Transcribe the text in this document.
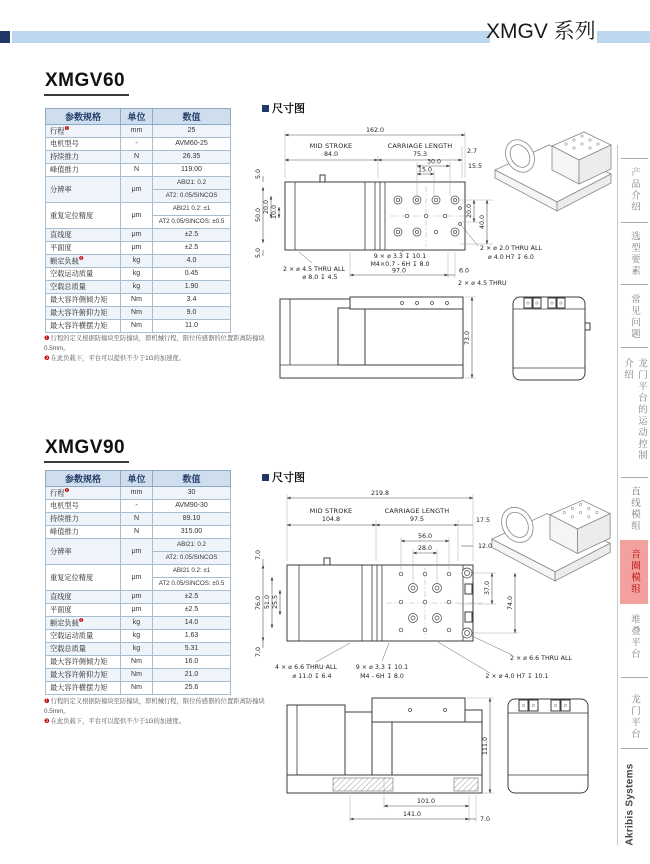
XMGV 系列
XMGV60
参数规格	单位	数值
行程$^❶$	mm	25
电机型号	-	AVM60-25
持续推力	N	26.35
峰值推力	N	119.00
分辨率	μm	ABI21: 0.2
		AT2: 0.05/SINCOS
重复定位精度	μm	ABI21 0.2: ±1
		AT2 0.05/SINCOS: ±0.5
直线度	μm	±2.5
平面度	μm	±2.5
额定负载$^❷$	kg	4.0
空载运动质量	kg	0.45
空载总质量	kg	1.90
最大容许侧倾力矩	Nm	3.4
最大容许俯仰力矩	Nm	9.0
最大容许横摆力矩	Nm	11.0
❶行程的定义根据防撞块至防撞块，即机械行程，限位传感器的位置距离防撞块0.5mm。
❷在此负载下，平台可以提供不少于1G的加速度。
尺寸图
162.0
MID STROKE
84.0
CARRIAGE LENGTH
75.3	2.7
15.5
30.0
15.0
20.0
40.0
5.0
50.0
20.0 10.0
5.0	9 × ⌀ 3.3 ↧ 10.1
M4×0.7 - 6H ↧ 8.0
2 × ⌀ 4.5 THRU ALL
⌀ 8.0 ↧ 4.5
97.0	6.0
2 × ⌀ 4.5 THRU
2 × ⌀ 2.0 THRU ALL
⌀ 4.0 H7 ↧ 6.0
73.0
XMGV90
参数规格	单位	数值
行程$^❶$	mm	30
电机型号	-	AVM90-30
持续推力	N	89.10
峰值推力	N	315.00
分辨率	μm	ABI21: 0.2
		AT2: 0.05/SINCOS
重复定位精度	μm	ABI21 0.2: ±1
		AT2 0.05/SINCOS: ±0.5
直线度	μm	±2.5
平面度	μm	±2.5
额定负载$^❷$	kg	14.0
空载运动质量	kg	1.63
空载总质量	kg	5.31
最大容许侧倾力矩	Nm	16.0
最大容许俯仰力矩	Nm	21.0
最大容许横摆力矩	Nm	25.6
❶行程的定义根据防撞块至防撞块，即机械行程，限位传感器的位置距离防撞块0.5mm。
❷在此负载下，平台可以提供不少于1G的加速度。
尺寸图
219.8
MID STROKE
104.8
CARRIAGE LENGTH
97.5	17.5
56.0
28.0	12.0
37.0
74.0
7.0
76.0 51.0 25.5
7.0
4 × ⌀ 6.6 THRU ALL
⌀ 11.0 ↧ 6.4
9 × ⌀ 3.3 ↧ 10.1
M4 - 6H ↧ 8.0
2 × ⌀ 6.6 THRU ALL
2 × ⌀ 4.0 H7 ↧ 10.1
111.0
101.0
141.0
7.0
产品介绍
选型要素
常见问题
龙门平台的运动控制介绍
直线模组
音圈模组
堆叠平台
龙门平台
Akribis Systems
